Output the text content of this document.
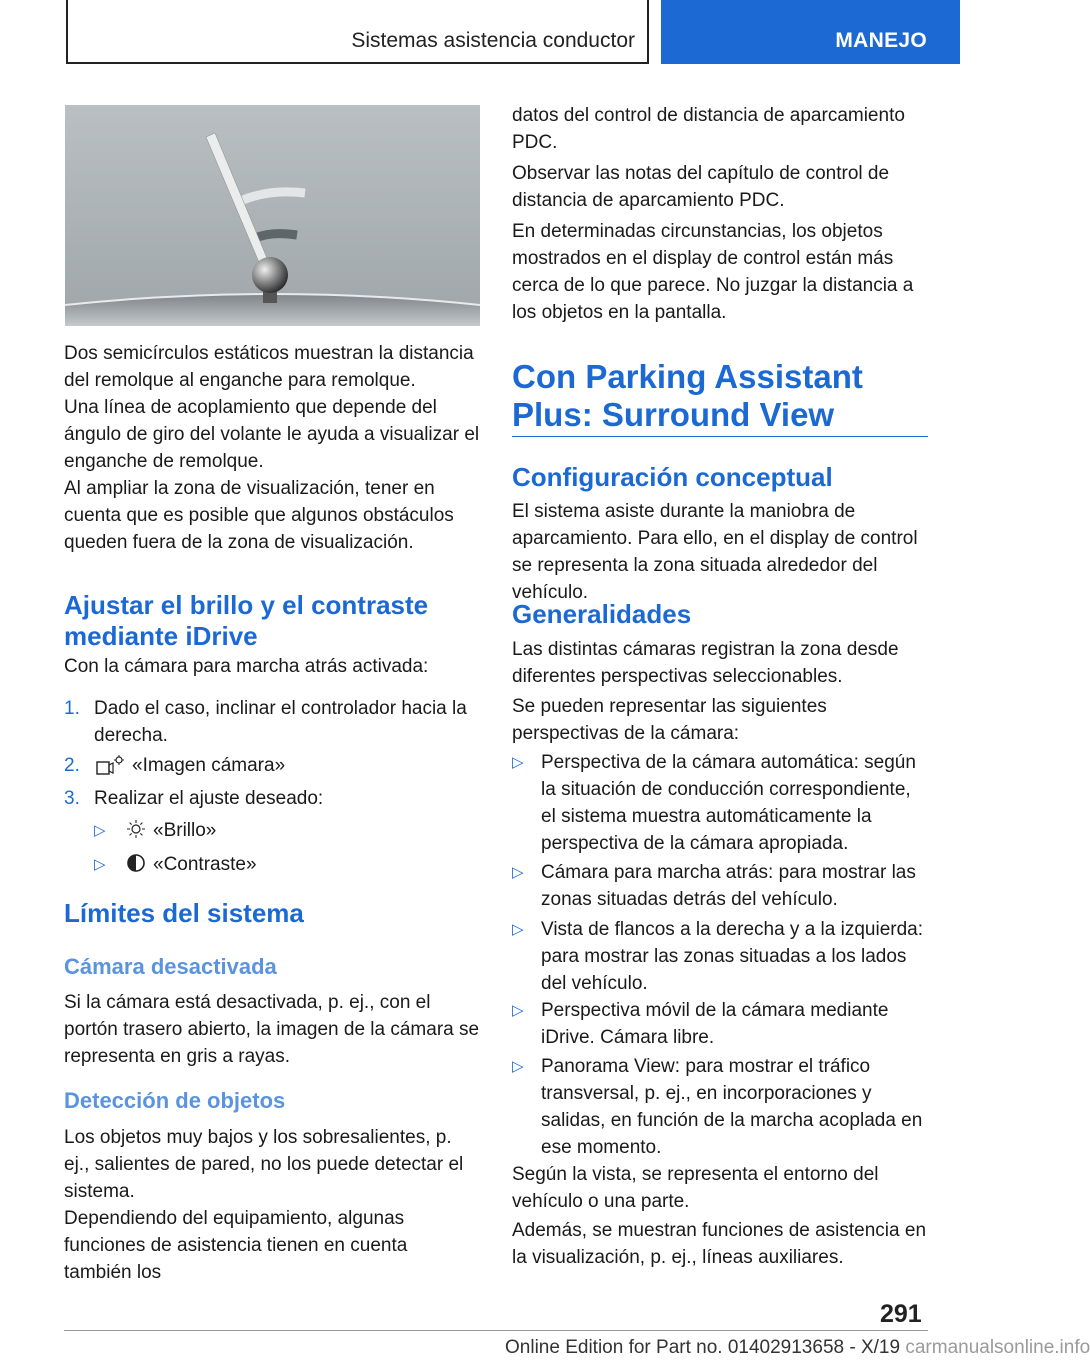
Sistemas asistencia conductor	MANEJO

Dos semicírculos estáticos muestran la distancia del remolque al enganche para remolque.

Una línea de acoplamiento que depende del ángulo de giro del volante le ayuda a visualizar el enganche de remolque.

Al ampliar la zona de visualización, tener en cuenta que es posible que algunos obstáculos queden fuera de la zona de visualización.

Ajustar el brillo y el contraste mediante iDrive

Con la cámara para marcha atrás activada:

1. Dado el caso, inclinar el controlador hacia la derecha.
2.	«Imagen cámara»
3. Realizar el ajuste deseado:
▷ «Brillo»
▷ «Contraste»
Límites del sistema
Cámara desactivada

Si la cámara está desactivada, p. ej., con el portón trasero abierto, la imagen de la cámara se representa en gris a rayas.

Detección de objetos

Los objetos muy bajos y los sobresalientes, p. ej., salientes de pared, no los puede detectar el sistema.

Dependiendo del equipamiento, algunas funciones de asistencia tienen en cuenta también los

datos del control de distancia de aparcamiento PDC.

Observar las notas del capítulo de control de distancia de aparcamiento PDC.

En determinadas circunstancias, los objetos mostrados en el display de control están más cerca de lo que parece. No juzgar la distancia a los objetos en la pantalla.

Con Parking Assistant Plus: Surround View
Configuración conceptual

El sistema asiste durante la maniobra de aparcamiento. Para ello, en el display de control se representa la zona situada alrededor del vehículo.

Generalidades

Las distintas cámaras registran la zona desde diferentes perspectivas seleccionables.

Se pueden representar las siguientes perspectivas de la cámara:

▷ Perspectiva de la cámara automática: según la situación de conducción correspondiente, el sistema muestra automáticamente la perspectiva de la cámara apropiada.
▷ Cámara para marcha atrás: para mostrar las zonas situadas detrás del vehículo.
▷ Vista de flancos a la derecha y a la izquierda: para mostrar las zonas situadas a los lados del vehículo.
▷ Perspectiva móvil de la cámara mediante iDrive. Cámara libre.
▷ Panorama View: para mostrar el tráfico transversal, p. ej., en incorporaciones y salidas, en función de la marcha acoplada en ese momento.

Según la vista, se representa el entorno del vehículo o una parte.

Además, se muestran funciones de asistencia en la visualización, p. ej., líneas auxiliares.

291
Online Edition for Part no. 01402913658 - X/19 carmanualsonline.info
